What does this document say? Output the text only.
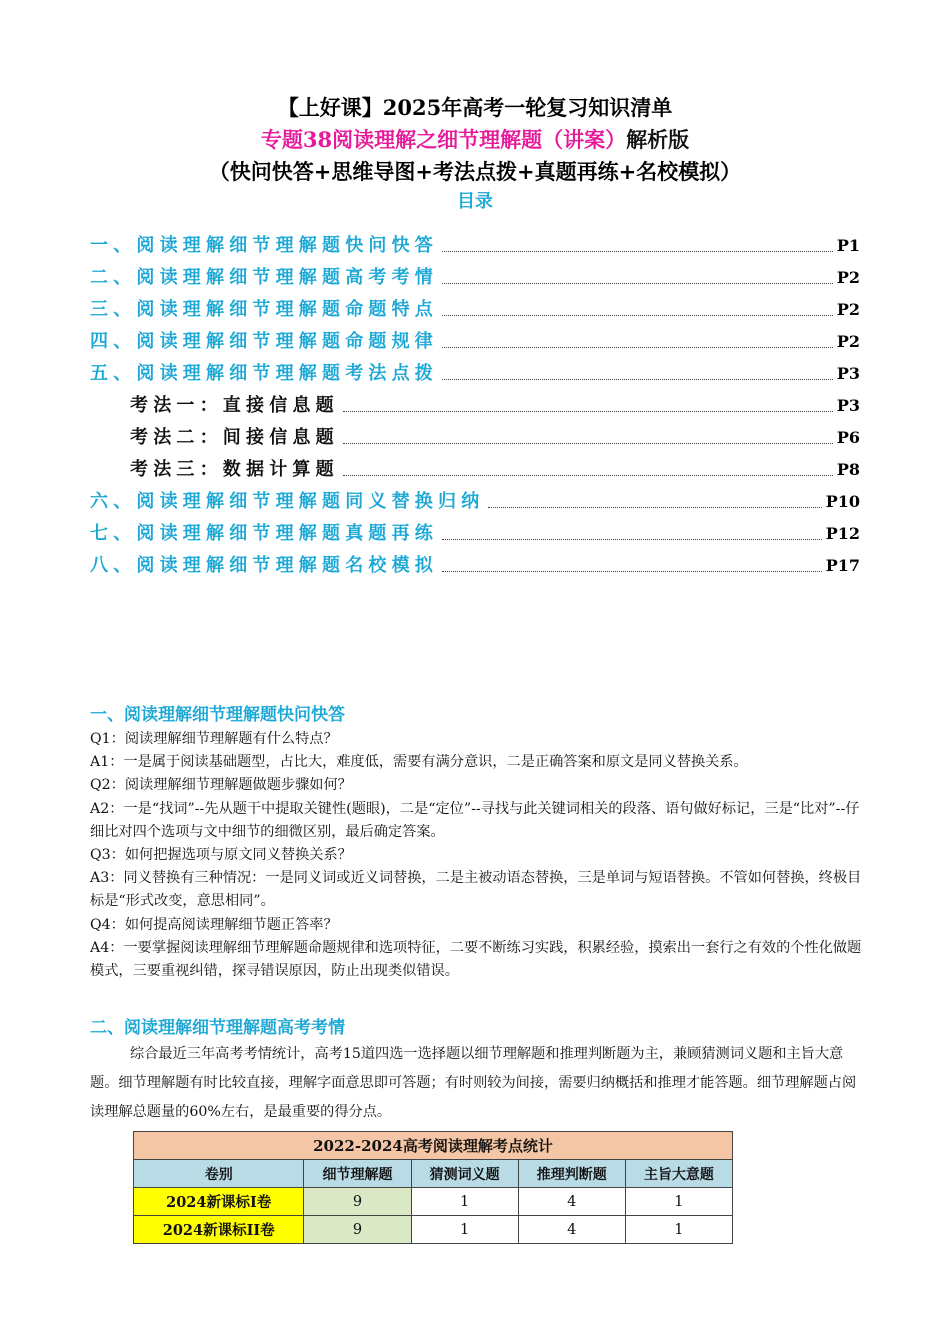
【上好课】2025年高考一轮复习知识清单
专题38阅读理解之细节理解题（讲案）解析版
（快问快答+思维导图+考法点拨+真题再练+名校模拟）
目录
一、阅读理解细节理解题快问快答	P1
二、阅读理解细节理解题高考考情	P2
三、阅读理解细节理解题命题特点	P2
四、阅读理解细节理解题命题规律	P2
五、阅读理解细节理解题考法点拨	P3
考法一：直接信息题	P3
考法二：间接信息题	P6
考法三：数据计算题	P8
六、阅读理解细节理解题同义替换归纳	P10
七、阅读理解细节理解题真题再练	P12
八、阅读理解细节理解题名校模拟	P17
一、阅读理解细节理解题快问快答

Q1：阅读理解细节理解题有什么特点？

A1：一是属于阅读基础题型，占比大，难度低，需要有满分意识，二是正确答案和原文是同义替换关系。

Q2：阅读理解细节理解题做题步骤如何？

A2：一是“找词”--先从题干中提取关键性(题眼)，二是“定位”--寻找与此关键词相关的段落、语句做好标记，三是“比对”--仔细比对四个选项与文中细节的细微区别，最后确定答案。

Q3：如何把握选项与原文同义替换关系？

A3：同义替换有三种情况：一是同义词或近义词替换，二是主被动语态替换，三是单词与短语替换。不管如何替换，终极目标是“形式改变，意思相同”。

Q4：如何提高阅读理解细节题正答率？

A4：一要掌握阅读理解细节理解题命题规律和选项特征，二要不断练习实践，积累经验，摸索出一套行之有效的个性化做题模式，三要重视纠错，探寻错误原因，防止出现类似错误。

二、阅读理解细节理解题高考考情

综合最近三年高考考情统计，高考15道四选一选择题以细节理解题和推理判断题为主，兼顾猜测词义题和主旨大意题。细节理解题有时比较直接，理解字面意思即可答题；有时则较为间接，需要归纳概括和推理才能答题。细节理解题占阅读理解总题量的60%左右，是最重要的得分点。

2022-2024高考阅读理解考点统计				
卷别	细节理解题	猜测词义题	推理判断题	主旨大意题
2024新课标I卷	9	1	4	1
2024新课标II卷	9	1	4	1
